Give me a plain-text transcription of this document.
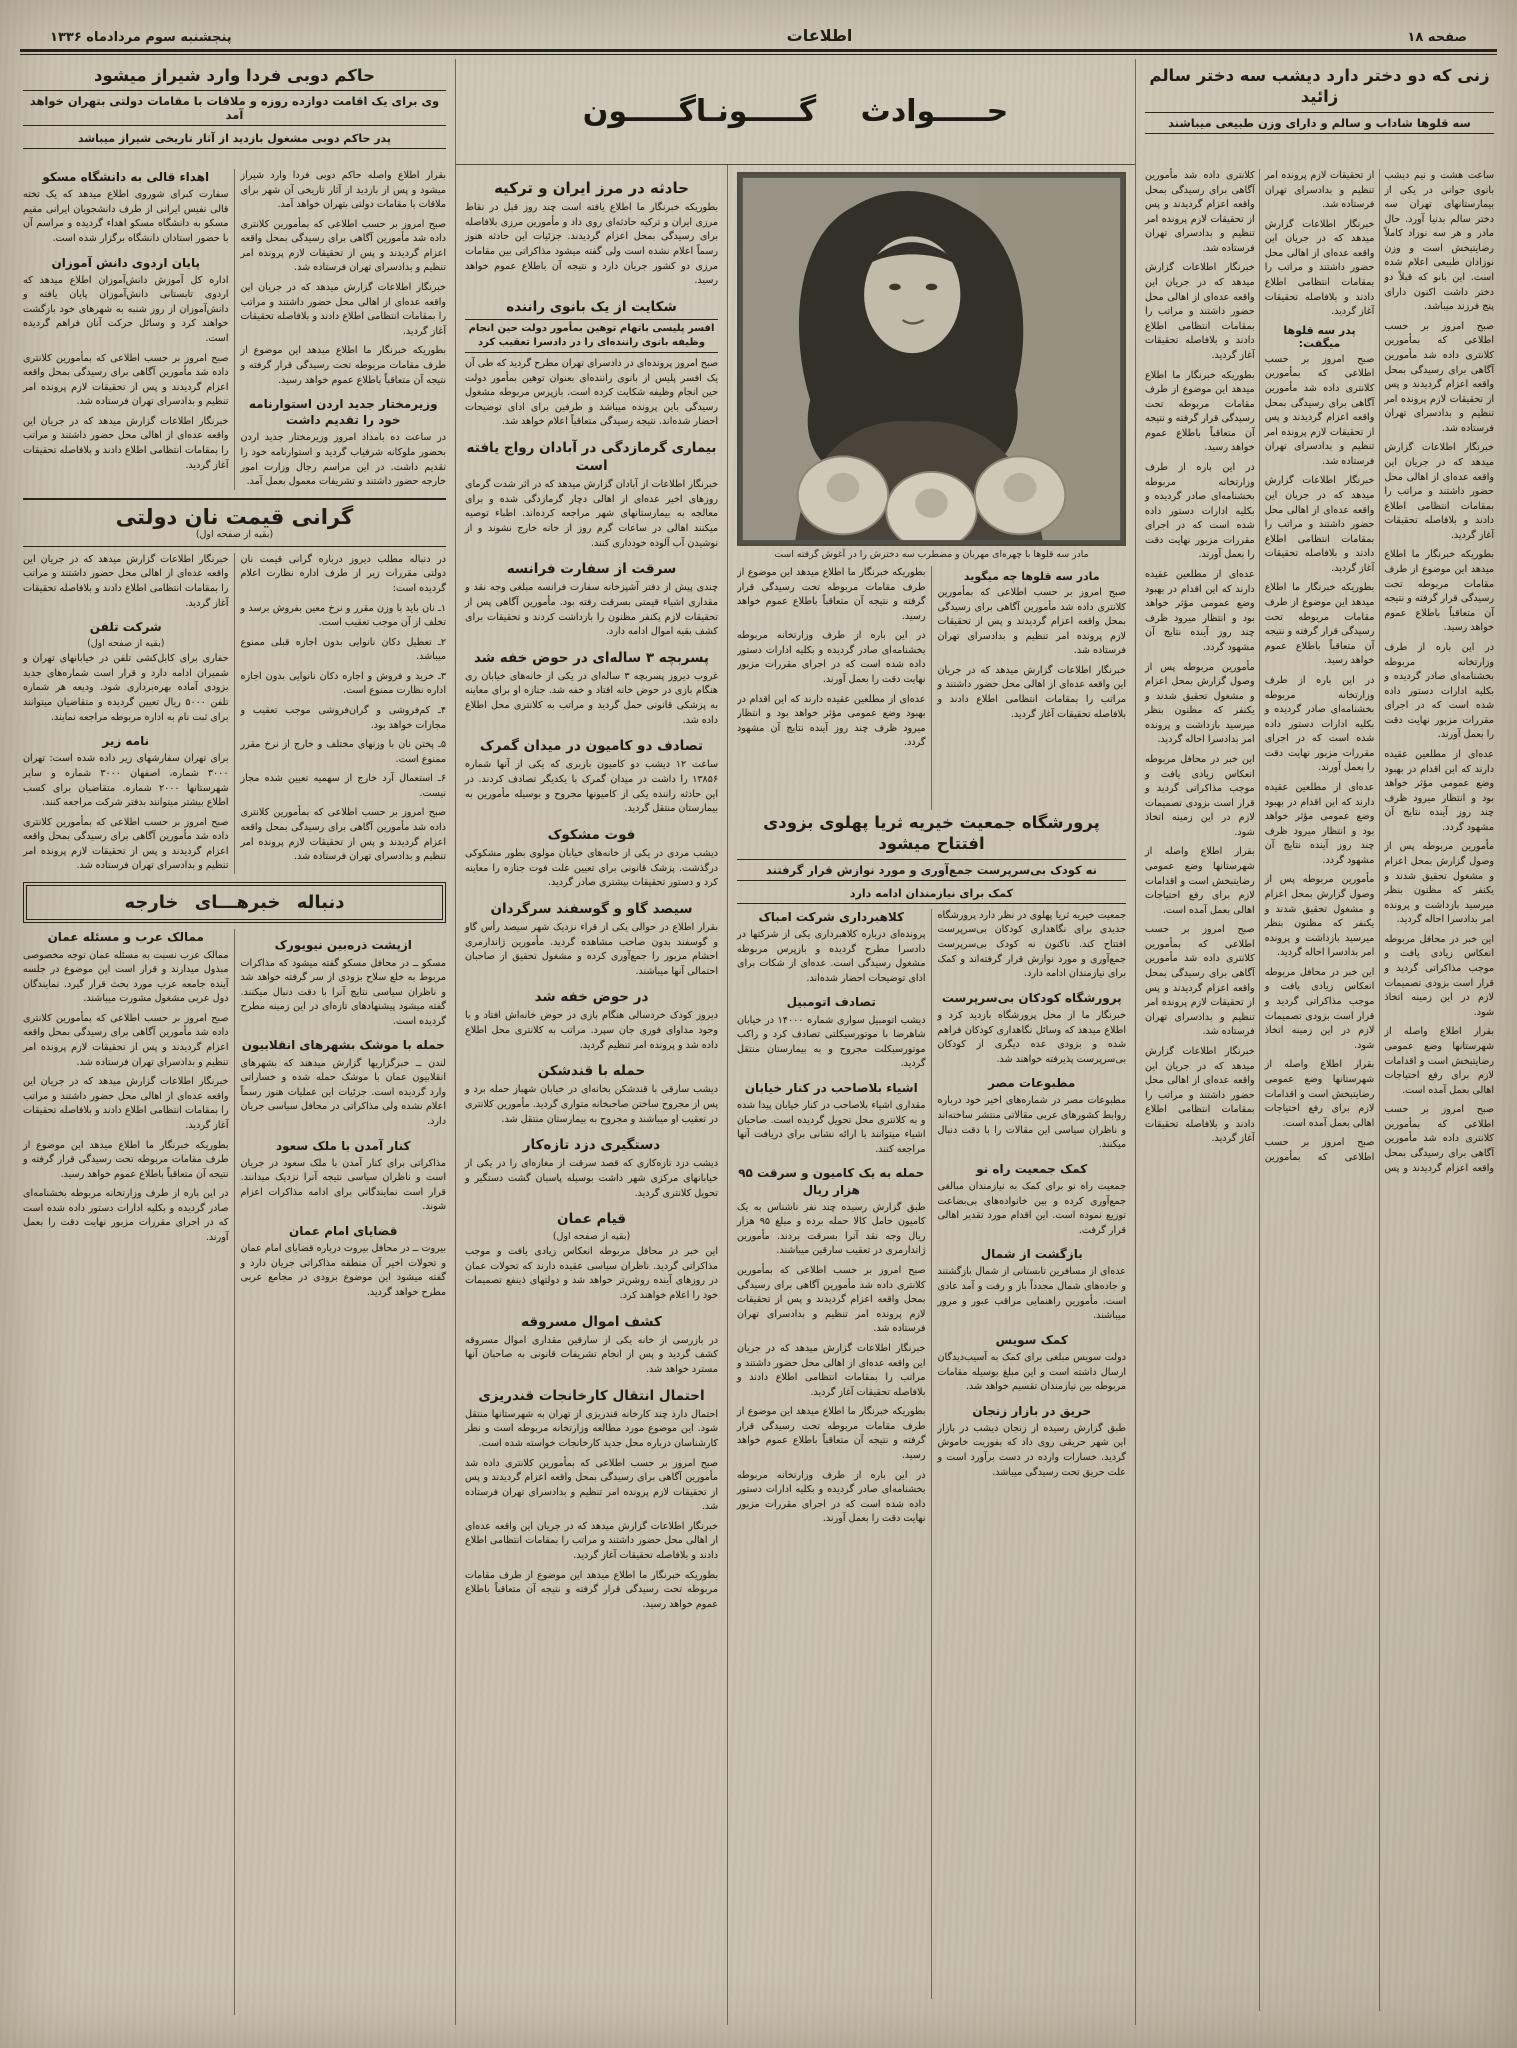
صفحه ۱۸
اطلاعات
پنجشنبه سوم مردادماه ۱۳۳۶
زنی که دو دختر دارد دیشب سه دختر سالم زائید
سه قلوها شاداب و سالم و دارای وزن طبیعی میباشند
حـــــوادث گـــــونـاگـــــون
حاکم دوبی فردا وارد شیراز میشود
وی برای یک اقامت دوازده روزه و ملاقات با مقامات دولتی بتهران خواهد آمد
پدر حاکم دوبی مشغول بازدید از آثار تاریخی شیراز میباشد

ساعت هشت و نیم دیشب بانوی جوانی در یکی از بیمارستانهای تهران سه دختر سالم بدنیا آورد. حال مادر و هر سه نوزاد کاملاً رضایتبخش است و وزن نوزادان طبیعی اعلام شده است. این بانو که قبلاً دو دختر داشت اکنون دارای پنج فرزند میباشد.

صبح امروز بر حسب اطلاعی که بمأمورین کلانتری داده شد مأمورین آگاهی برای رسیدگی بمحل واقعه اعزام گردیدند و پس از تحقیقات لازم پرونده امر تنظیم و بدادسرای تهران فرستاده شد.

خبرنگار اطلاعات گزارش میدهد که در جریان این واقعه عده‌ای از اهالی محل حضور داشتند و مراتب را بمقامات انتظامی اطلاع دادند و بلافاصله تحقیقات آغاز گردید.

بطوریکه خبرنگار ما اطلاع میدهد این موضوع از طرف مقامات مربوطه تحت رسیدگی قرار گرفته و نتیجه آن متعاقباً باطلاع عموم خواهد رسید.

در این باره از طرف وزارتخانه مربوطه بخشنامه‌ای صادر گردیده و بکلیه ادارات دستور داده شده است که در اجرای مقررات مزبور نهایت دقت را بعمل آورند.

عده‌ای از مطلعین عقیده دارند که این اقدام در بهبود وضع عمومی مؤثر خواهد بود و انتظار میرود ظرف چند روز آینده نتایج آن مشهود گردد.

مأمورین مربوطه پس از وصول گزارش بمحل اعزام و مشغول تحقیق شدند و یکنفر که مظنون بنظر میرسید بازداشت و پرونده امر بدادسرا احاله گردید.

این خبر در محافل مربوطه انعکاس زیادی یافت و موجب مذاکراتی گردید و قرار است بزودی تصمیمات لازم در این زمینه اتخاذ شود.

بقرار اطلاع واصله از شهرستانها وضع عمومی رضایتبخش است و اقدامات لازم برای رفع احتیاجات اهالی بعمل آمده است.

صبح امروز بر حسب اطلاعی که بمأمورین کلانتری داده شد مأمورین آگاهی برای رسیدگی بمحل واقعه اعزام گردیدند و پس از تحقیقات لازم پرونده امر تنظیم و بدادسرای تهران فرستاده شد.

خبرنگار اطلاعات گزارش میدهد که در جریان این واقعه عده‌ای از اهالی محل حضور داشتند و مراتب را بمقامات انتظامی اطلاع دادند و بلافاصله تحقیقات آغاز گردید.

پدر سه قلوها میگفت:

صبح امروز بر حسب اطلاعی که بمأمورین کلانتری داده شد مأمورین آگاهی برای رسیدگی بمحل واقعه اعزام گردیدند و پس از تحقیقات لازم پرونده امر تنظیم و بدادسرای تهران فرستاده شد.

خبرنگار اطلاعات گزارش میدهد که در جریان این واقعه عده‌ای از اهالی محل حضور داشتند و مراتب را بمقامات انتظامی اطلاع دادند و بلافاصله تحقیقات آغاز گردید.

بطوریکه خبرنگار ما اطلاع میدهد این موضوع از طرف مقامات مربوطه تحت رسیدگی قرار گرفته و نتیجه آن متعاقباً باطلاع عموم خواهد رسید.

در این باره از طرف وزارتخانه مربوطه بخشنامه‌ای صادر گردیده و بکلیه ادارات دستور داده شده است که در اجرای مقررات مزبور نهایت دقت را بعمل آورند.

عده‌ای از مطلعین عقیده دارند که این اقدام در بهبود وضع عمومی مؤثر خواهد بود و انتظار میرود ظرف چند روز آینده نتایج آن مشهود گردد.

مأمورین مربوطه پس از وصول گزارش بمحل اعزام و مشغول تحقیق شدند و یکنفر که مظنون بنظر میرسید بازداشت و پرونده امر بدادسرا احاله گردید.

این خبر در محافل مربوطه انعکاس زیادی یافت و موجب مذاکراتی گردید و قرار است بزودی تصمیمات لازم در این زمینه اتخاذ شود.

بقرار اطلاع واصله از شهرستانها وضع عمومی رضایتبخش است و اقدامات لازم برای رفع احتیاجات اهالی بعمل آمده است.

صبح امروز بر حسب اطلاعی که بمأمورین کلانتری داده شد مأمورین آگاهی برای رسیدگی بمحل واقعه اعزام گردیدند و پس از تحقیقات لازم پرونده امر تنظیم و بدادسرای تهران فرستاده شد.

خبرنگار اطلاعات گزارش میدهد که در جریان این واقعه عده‌ای از اهالی محل حضور داشتند و مراتب را بمقامات انتظامی اطلاع دادند و بلافاصله تحقیقات آغاز گردید.

بطوریکه خبرنگار ما اطلاع میدهد این موضوع از طرف مقامات مربوطه تحت رسیدگی قرار گرفته و نتیجه آن متعاقباً باطلاع عموم خواهد رسید.

در این باره از طرف وزارتخانه مربوطه بخشنامه‌ای صادر گردیده و بکلیه ادارات دستور داده شده است که در اجرای مقررات مزبور نهایت دقت را بعمل آورند.

عده‌ای از مطلعین عقیده دارند که این اقدام در بهبود وضع عمومی مؤثر خواهد بود و انتظار میرود ظرف چند روز آینده نتایج آن مشهود گردد.

مأمورین مربوطه پس از وصول گزارش بمحل اعزام و مشغول تحقیق شدند و یکنفر که مظنون بنظر میرسید بازداشت و پرونده امر بدادسرا احاله گردید.

این خبر در محافل مربوطه انعکاس زیادی یافت و موجب مذاکراتی گردید و قرار است بزودی تصمیمات لازم در این زمینه اتخاذ شود.

بقرار اطلاع واصله از شهرستانها وضع عمومی رضایتبخش است و اقدامات لازم برای رفع احتیاجات اهالی بعمل آمده است.

صبح امروز بر حسب اطلاعی که بمأمورین کلانتری داده شد مأمورین آگاهی برای رسیدگی بمحل واقعه اعزام گردیدند و پس از تحقیقات لازم پرونده امر تنظیم و بدادسرای تهران فرستاده شد.

خبرنگار اطلاعات گزارش میدهد که در جریان این واقعه عده‌ای از اهالی محل حضور داشتند و مراتب را بمقامات انتظامی اطلاع دادند و بلافاصله تحقیقات آغاز گردید.

مادر سه قلوها با چهره‌ای مهربان و مضطرب سه دخترش را در آغوش گرفته است
مادر سه قلوها چه میگوید

صبح امروز بر حسب اطلاعی که بمأمورین کلانتری داده شد مأمورین آگاهی برای رسیدگی بمحل واقعه اعزام گردیدند و پس از تحقیقات لازم پرونده امر تنظیم و بدادسرای تهران فرستاده شد.

خبرنگار اطلاعات گزارش میدهد که در جریان این واقعه عده‌ای از اهالی محل حضور داشتند و مراتب را بمقامات انتظامی اطلاع دادند و بلافاصله تحقیقات آغاز گردید.

بطوریکه خبرنگار ما اطلاع میدهد این موضوع از طرف مقامات مربوطه تحت رسیدگی قرار گرفته و نتیجه آن متعاقباً باطلاع عموم خواهد رسید.

در این باره از طرف وزارتخانه مربوطه بخشنامه‌ای صادر گردیده و بکلیه ادارات دستور داده شده است که در اجرای مقررات مزبور نهایت دقت را بعمل آورند.

عده‌ای از مطلعین عقیده دارند که این اقدام در بهبود وضع عمومی مؤثر خواهد بود و انتظار میرود ظرف چند روز آینده نتایج آن مشهود گردد.

پرورشگاه جمعیت خیریه ثریا پهلوی بزودی افتتاح میشود
نه کودک بی‌سرپرست جمع‌آوری و مورد نوازش قرار گرفتند
کمک برای نیازمندان ادامه دارد

جمعیت خیریه ثریا پهلوی در نظر دارد پرورشگاه جدیدی برای نگاهداری کودکان بی‌سرپرست افتتاح کند. تاکنون نه کودک بی‌سرپرست جمع‌آوری و مورد نوازش قرار گرفته‌اند و کمک برای نیازمندان ادامه دارد.

پرورشگاه کودکان بی‌سرپرست

خبرنگار ما از محل پرورشگاه بازدید کرد و اطلاع میدهد که وسائل نگاهداری کودکان فراهم شده و بزودی عده دیگری از کودکان بی‌سرپرست پذیرفته خواهند شد.

مطبوعات مصر

مطبوعات مصر در شماره‌های اخیر خود درباره روابط کشورهای عربی مقالاتی منتشر ساخته‌اند و ناظران سیاسی این مقالات را با دقت دنبال میکنند.

کمک جمعیت راه نو

جمعیت راه نو برای کمک به نیازمندان مبالغی جمع‌آوری کرده و بین خانواده‌های بی‌بضاعت توزیع نموده است. این اقدام مورد تقدیر اهالی قرار گرفت.

بازگشت از شمال

عده‌ای از مسافرین تابستانی از شمال بازگشتند و جاده‌های شمال مجدداً باز و رفت و آمد عادی است. مأمورین راهنمایی مراقب عبور و مرور میباشند.

کمک سویس

دولت سویس مبلغی برای کمک به آسیب‌دیدگان ارسال داشته است و این مبلغ بوسیله مقامات مربوطه بین نیازمندان تقسیم خواهد شد.

حریق در بازار زنجان

طبق گزارش رسیده از زنجان دیشب در بازار این شهر حریقی روی داد که بفوریت خاموش گردید. خسارات وارده در دست برآورد است و علت حریق تحت رسیدگی میباشد.

کلاهبرداری شرکت امباک

پرونده‌ای درباره کلاهبرداری یکی از شرکتها در دادسرا مطرح گردیده و بازپرس مربوطه مشغول رسیدگی است. عده‌ای از شکات برای ادای توضیحات احضار شده‌اند.

تصادف اتومبیل

دیشب اتومبیل سواری شماره ۱۴۰۰۰ در خیابان شاهرضا با موتورسیکلتی تصادف کرد و راکب موتورسیکلت مجروح و به بیمارستان منتقل گردید.

اشیاء بلاصاحب در کنار خیابان

مقداری اشیاء بلاصاحب در کنار خیابان پیدا شده و به کلانتری محل تحویل گردیده است. صاحبان اشیاء میتوانند با ارائه نشانی برای دریافت آنها مراجعه کنند.

حمله به یک کامیون و سرقت ۹۵ هزار ریال

طبق گزارش رسیده چند نفر ناشناس به یک کامیون حامل کالا حمله برده و مبلغ ۹۵ هزار ریال وجه نقد آنرا بسرقت بردند. مأمورین ژاندارمری در تعقیب سارقین میباشند.

صبح امروز بر حسب اطلاعی که بمأمورین کلانتری داده شد مأمورین آگاهی برای رسیدگی بمحل واقعه اعزام گردیدند و پس از تحقیقات لازم پرونده امر تنظیم و بدادسرای تهران فرستاده شد.

خبرنگار اطلاعات گزارش میدهد که در جریان این واقعه عده‌ای از اهالی محل حضور داشتند و مراتب را بمقامات انتظامی اطلاع دادند و بلافاصله تحقیقات آغاز گردید.

بطوریکه خبرنگار ما اطلاع میدهد این موضوع از طرف مقامات مربوطه تحت رسیدگی قرار گرفته و نتیجه آن متعاقباً باطلاع عموم خواهد رسید.

در این باره از طرف وزارتخانه مربوطه بخشنامه‌ای صادر گردیده و بکلیه ادارات دستور داده شده است که در اجرای مقررات مزبور نهایت دقت را بعمل آورند.

حادثه در مرز ایران و ترکیه

بطوریکه خبرنگار ما اطلاع یافته است چند روز قبل در نقاط مرزی ایران و ترکیه حادثه‌ای روی داد و مأمورین مرزی بلافاصله برای رسیدگی بمحل اعزام گردیدند. جزئیات این حادثه هنوز رسماً اعلام نشده است ولی گفته میشود مذاکراتی بین مقامات مرزی دو کشور جریان دارد و نتیجه آن باطلاع عموم خواهد رسید.

شکایت از یک بانوی راننده
افسر پلیسی باتهام توهین بمأمور دولت حین انجام وظیفه بانوی راننده‌ای را در دادسرا تعقیب کرد

صبح امروز پرونده‌ای در دادسرای تهران مطرح گردید که طی آن یک افسر پلیس از بانوی راننده‌ای بعنوان توهین بمأمور دولت حین انجام وظیفه شکایت کرده است. بازپرس مربوطه مشغول رسیدگی باین پرونده میباشد و طرفین برای ادای توضیحات احضار شده‌اند. نتیجه رسیدگی متعاقباً اعلام خواهد شد.

بیماری گرمازدگی در آبادان رواج یافته است

خبرنگار اطلاعات از آبادان گزارش میدهد که در اثر شدت گرمای روزهای اخیر عده‌ای از اهالی دچار گرمازدگی شده و برای معالجه به بیمارستانهای شهر مراجعه کرده‌اند. اطباء توصیه میکنند اهالی در ساعات گرم روز از خانه خارج نشوند و از نوشیدن آب آلوده خودداری کنند.

سرقت از سفارت فرانسه

چندی پیش از دفتر آشپزخانه سفارت فرانسه مبلغی وجه نقد و مقداری اشیاء قیمتی بسرقت رفته بود. مأمورین آگاهی پس از تحقیقات لازم یکنفر مظنون را بازداشت کردند و تحقیقات برای کشف بقیه اموال ادامه دارد.

پسربچه ۳ ساله‌ای در حوض خفه شد

غروب دیروز پسربچه ۳ ساله‌ای در یکی از خانه‌های خیابان ری هنگام بازی در حوض خانه افتاد و خفه شد. جنازه او برای معاینه به پزشکی قانونی حمل گردید و مراتب به کلانتری محل اطلاع داده شد.

تصادف دو کامیون در میدان گمرک

ساعت ۱۲ دیشب دو کامیون باربری که یکی از آنها شماره ۱۳۸۵۶ را داشت در میدان گمرک با یکدیگر تصادف کردند. در این حادثه راننده یکی از کامیونها مجروح و بوسیله مأمورین به بیمارستان منتقل گردید.

فوت مشکوک

دیشب مردی در یکی از خانه‌های خیابان مولوی بطور مشکوکی درگذشت. پزشک قانونی برای تعیین علت فوت جنازه را معاینه کرد و دستور تحقیقات بیشتری صادر گردید.

سیصد گاو و گوسفند سرگردان

بقرار اطلاع در حوالی یکی از قراء نزدیک شهر سیصد رأس گاو و گوسفند بدون صاحب مشاهده گردید. مأمورین ژاندارمری احشام مزبور را جمع‌آوری کرده و مشغول تحقیق از صاحبان احتمالی آنها میباشند.

در حوض خفه شد

دیروز کودک خردسالی هنگام بازی در حوض خانه‌اش افتاد و با وجود مداوای فوری جان سپرد. مراتب به کلانتری محل اطلاع داده شد و پرونده امر تنظیم گردید.

حمله با قندشکن

دیشب سارقی با قندشکن بخانه‌ای در خیابان شهباز حمله برد و پس از مجروح ساختن صاحبخانه متواری گردید. مأمورین کلانتری در تعقیب او میباشند و مجروح به بیمارستان منتقل شد.

دستگیری دزد تازه‌کار

دیشب دزد تازه‌کاری که قصد سرقت از مغازه‌ای را در یکی از خیابانهای مرکزی شهر داشت بوسیله پاسبان گشت دستگیر و تحویل کلانتری گردید.

قیام عمان
(بقیه از صفحه اول)

این خبر در محافل مربوطه انعکاس زیادی یافت و موجب مذاکراتی گردید. ناظران سیاسی عقیده دارند که تحولات عمان در روزهای آینده روشن‌تر خواهد شد و دولتهای ذینفع تصمیمات خود را اعلام خواهند کرد.

کشف اموال مسروقه

در بازرسی از خانه یکی از سارقین مقداری اموال مسروقه کشف گردید و پس از انجام تشریفات قانونی به صاحبان آنها مسترد خواهد شد.

احتمال انتقال کارخانجات قندریزی

احتمال دارد چند کارخانه قندریزی از تهران به شهرستانها منتقل شود. این موضوع مورد مطالعه وزارتخانه مربوطه است و نظر کارشناسان درباره محل جدید کارخانجات خواسته شده است.

صبح امروز بر حسب اطلاعی که بمأمورین کلانتری داده شد مأمورین آگاهی برای رسیدگی بمحل واقعه اعزام گردیدند و پس از تحقیقات لازم پرونده امر تنظیم و بدادسرای تهران فرستاده شد.

خبرنگار اطلاعات گزارش میدهد که در جریان این واقعه عده‌ای از اهالی محل حضور داشتند و مراتب را بمقامات انتظامی اطلاع دادند و بلافاصله تحقیقات آغاز گردید.

بطوریکه خبرنگار ما اطلاع میدهد این موضوع از طرف مقامات مربوطه تحت رسیدگی قرار گرفته و نتیجه آن متعاقباً باطلاع عموم خواهد رسید.

بقرار اطلاع واصله حاکم دوبی فردا وارد شیراز میشود و پس از بازدید از آثار تاریخی آن شهر برای ملاقات با مقامات دولتی بتهران خواهد آمد.

صبح امروز بر حسب اطلاعی که بمأمورین کلانتری داده شد مأمورین آگاهی برای رسیدگی بمحل واقعه اعزام گردیدند و پس از تحقیقات لازم پرونده امر تنظیم و بدادسرای تهران فرستاده شد.

خبرنگار اطلاعات گزارش میدهد که در جریان این واقعه عده‌ای از اهالی محل حضور داشتند و مراتب را بمقامات انتظامی اطلاع دادند و بلافاصله تحقیقات آغاز گردید.

بطوریکه خبرنگار ما اطلاع میدهد این موضوع از طرف مقامات مربوطه تحت رسیدگی قرار گرفته و نتیجه آن متعاقباً باطلاع عموم خواهد رسید.

وزیرمختار جدید اردن استوارنامه خود را تقدیم داشت

در ساعت ده بامداد امروز وزیرمختار جدید اردن بحضور ملوکانه شرفیاب گردید و استوارنامه خود را تقدیم داشت. در این مراسم رجال وزارت امور خارجه حضور داشتند و تشریفات معمول بعمل آمد.

اهداء قالی به دانشگاه مسکو

سفارت کبرای شوروی اطلاع میدهد که یک تخته قالی نفیس ایرانی از طرف دانشجویان ایرانی مقیم مسکو به دانشگاه مسکو اهداء گردیده و مراسم آن با حضور استادان دانشگاه برگزار شده است.

پایان اردوی دانش آموزان

اداره کل آموزش دانش‌آموزان اطلاع میدهد که اردوی تابستانی دانش‌آموزان پایان یافته و دانش‌آموزان از روز شنبه به شهرهای خود بازگشت خواهند کرد و وسائل حرکت آنان فراهم گردیده است.

صبح امروز بر حسب اطلاعی که بمأمورین کلانتری داده شد مأمورین آگاهی برای رسیدگی بمحل واقعه اعزام گردیدند و پس از تحقیقات لازم پرونده امر تنظیم و بدادسرای تهران فرستاده شد.

خبرنگار اطلاعات گزارش میدهد که در جریان این واقعه عده‌ای از اهالی محل حضور داشتند و مراتب را بمقامات انتظامی اطلاع دادند و بلافاصله تحقیقات آغاز گردید.

گرانی قیمت نان دولتی
(بقیه از صفحه اول)

در دنباله مطلب دیروز درباره گرانی قیمت نان دولتی مقررات زیر از طرف اداره نظارت اعلام گردیده است:

۱ـ نان باید با وزن مقرر و نرخ معین بفروش برسد و تخلف از آن موجب تعقیب است.

۲ـ تعطیل دکان نانوایی بدون اجازه قبلی ممنوع میباشد.

۳ـ خرید و فروش و اجاره دکان نانوایی بدون اجازه اداره نظارت ممنوع است.

۴ـ کم‌فروشی و گران‌فروشی موجب تعقیب و مجازات خواهد بود.

۵ـ پختن نان با وزنهای مختلف و خارج از نرخ مقرر ممنوع است.

۶ـ استعمال آرد خارج از سهمیه تعیین شده مجاز نیست.

صبح امروز بر حسب اطلاعی که بمأمورین کلانتری داده شد مأمورین آگاهی برای رسیدگی بمحل واقعه اعزام گردیدند و پس از تحقیقات لازم پرونده امر تنظیم و بدادسرای تهران فرستاده شد.

خبرنگار اطلاعات گزارش میدهد که در جریان این واقعه عده‌ای از اهالی محل حضور داشتند و مراتب را بمقامات انتظامی اطلاع دادند و بلافاصله تحقیقات آغاز گردید.

شرکت تلفن
(بقیه از صفحه اول)

حفاری برای کابل‌کشی تلفن در خیابانهای تهران و شمیران ادامه دارد و قرار است شماره‌های جدید بزودی آماده بهره‌برداری شود. ودیعه هر شماره تلفن ۵۰۰۰ ریال تعیین گردیده و متقاضیان میتوانند برای ثبت نام به اداره مربوطه مراجعه نمایند.

نامه زیر

برای تهران سفارشهای زیر داده شده است: تهران ۳۰۰۰ شماره، اصفهان ۳۰۰۰ شماره و سایر شهرستانها ۲۰۰۰ شماره. متقاضیان برای کسب اطلاع بیشتر میتوانند بدفتر شرکت مراجعه کنند.

صبح امروز بر حسب اطلاعی که بمأمورین کلانتری داده شد مأمورین آگاهی برای رسیدگی بمحل واقعه اعزام گردیدند و پس از تحقیقات لازم پرونده امر تنظیم و بدادسرای تهران فرستاده شد.

دنباله خبرهـــای خارجه
ازپشت ذره‌بین نیویورک

مسکو ــ در محافل مسکو گفته میشود که مذاکرات مربوط به خلع سلاح بزودی از سر گرفته خواهد شد و ناظران سیاسی نتایج آنرا با دقت دنبال میکنند. گفته میشود پیشنهادهای تازه‌ای در این زمینه مطرح گردیده است.

حمله با موشک بشهرهای انقلابیون

لندن ــ خبرگزاریها گزارش میدهند که بشهرهای انقلابیون عمان با موشک حمله شده و خساراتی وارد گردیده است. جزئیات این عملیات هنوز رسماً اعلام نشده ولی مذاکراتی در محافل سیاسی جریان دارد.

کنار آمدن با ملک سعود

مذاکراتی برای کنار آمدن با ملک سعود در جریان است و ناظران سیاسی نتیجه آنرا نزدیک میدانند. قرار است نمایندگانی برای ادامه مذاکرات اعزام شوند.

قضایای امام عمان

بیروت ــ در محافل بیروت درباره قضایای امام عمان و تحولات اخیر آن منطقه مذاکراتی جریان دارد و گفته میشود این موضوع بزودی در مجامع عربی مطرح خواهد گردید.

ممالک عرب و مسئله عمان

ممالک عرب نسبت به مسئله عمان توجه مخصوصی مبذول میدارند و قرار است این موضوع در جلسه آینده جامعه عرب مورد بحث قرار گیرد. نمایندگان دول عربی مشغول مشورت میباشند.

صبح امروز بر حسب اطلاعی که بمأمورین کلانتری داده شد مأمورین آگاهی برای رسیدگی بمحل واقعه اعزام گردیدند و پس از تحقیقات لازم پرونده امر تنظیم و بدادسرای تهران فرستاده شد.

خبرنگار اطلاعات گزارش میدهد که در جریان این واقعه عده‌ای از اهالی محل حضور داشتند و مراتب را بمقامات انتظامی اطلاع دادند و بلافاصله تحقیقات آغاز گردید.

بطوریکه خبرنگار ما اطلاع میدهد این موضوع از طرف مقامات مربوطه تحت رسیدگی قرار گرفته و نتیجه آن متعاقباً باطلاع عموم خواهد رسید.

در این باره از طرف وزارتخانه مربوطه بخشنامه‌ای صادر گردیده و بکلیه ادارات دستور داده شده است که در اجرای مقررات مزبور نهایت دقت را بعمل آورند.
